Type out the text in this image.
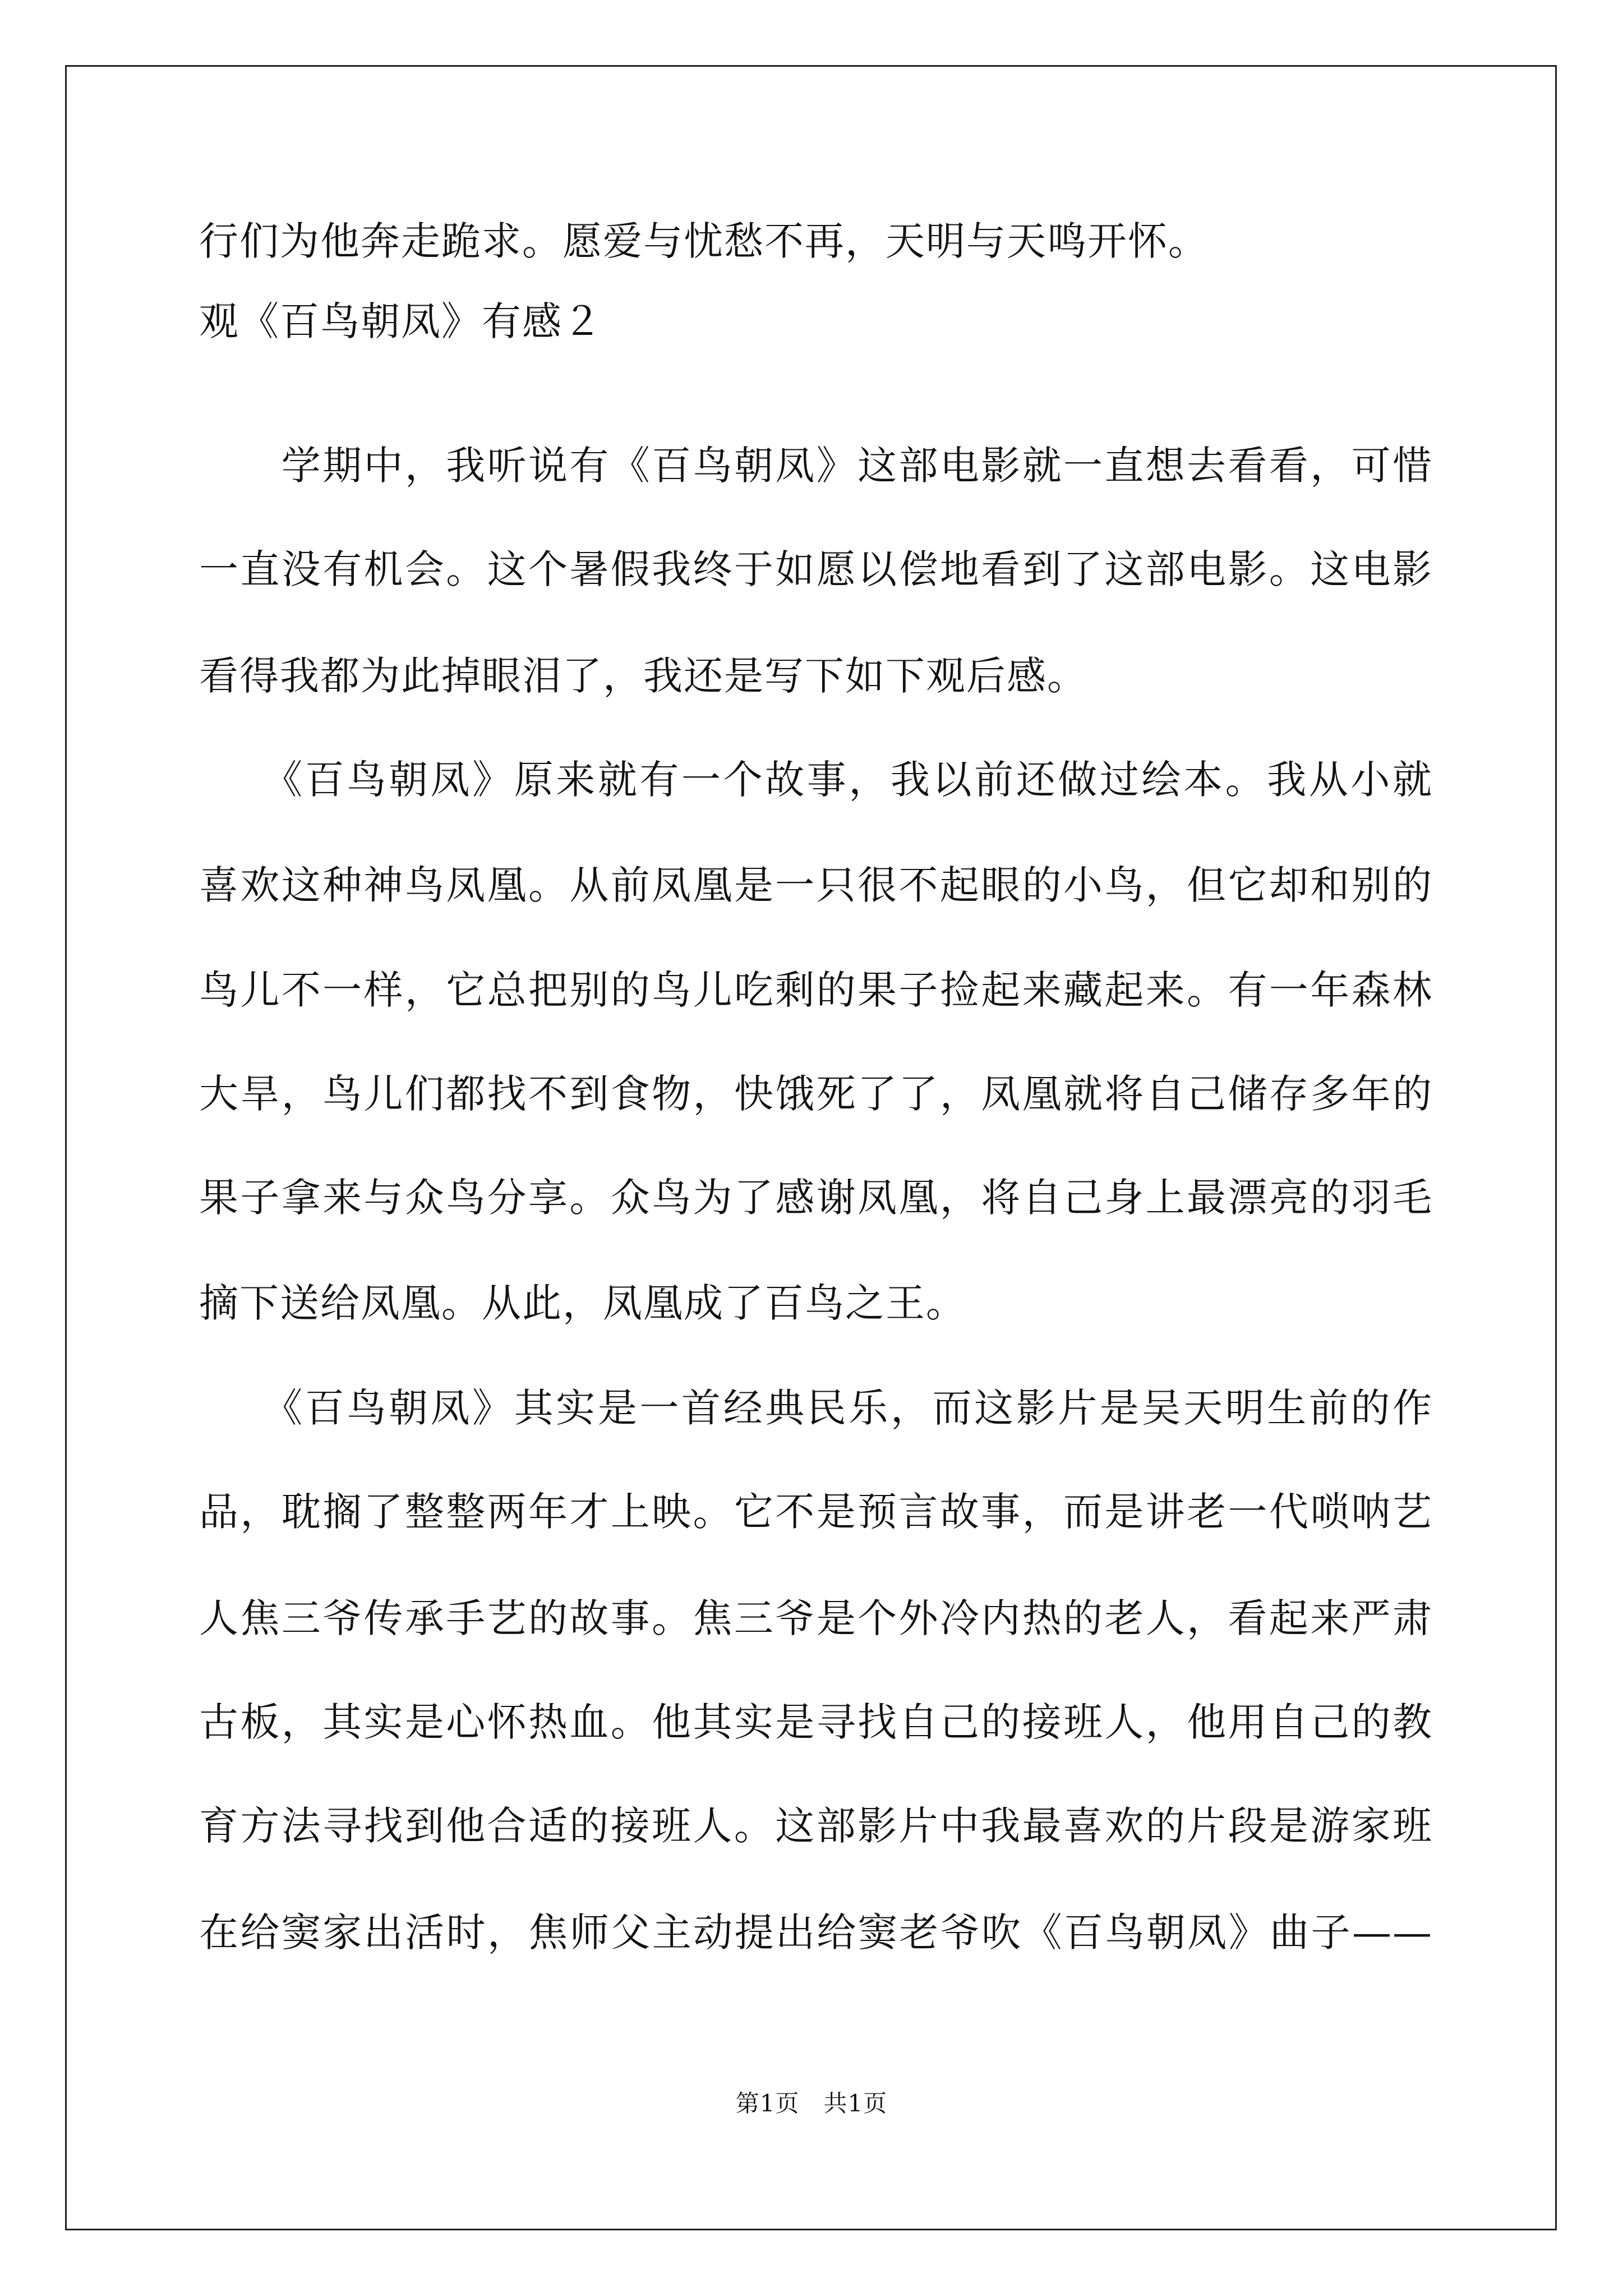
行们为他奔走跪求。愿爱与忧愁不再，天明与天鸣开怀。
观《百鸟朝凤》有感２
　　学期中，我听说有《百鸟朝凤》这部电影就一直想去看看，可惜
一直没有机会。这个暑假我终于如愿以偿地看到了这部电影。这电影
看得我都为此掉眼泪了，我还是写下如下观后感。
　　《百鸟朝凤》原来就有一个故事，我以前还做过绘本。我从小就
喜欢这种神鸟凤凰。从前凤凰是一只很不起眼的小鸟，但它却和别的
鸟儿不一样，它总把别的鸟儿吃剩的果子捡起来藏起来。有一年森林
大旱，鸟儿们都找不到食物，快饿死了了，凤凰就将自己储存多年的
果子拿来与众鸟分享。众鸟为了感谢凤凰，将自己身上最漂亮的羽毛
摘下送给凤凰。从此，凤凰成了百鸟之王。
　　《百鸟朝凤》其实是一首经典民乐，而这影片是吴天明生前的作
品，耽搁了整整两年才上映。它不是预言故事，而是讲老一代唢呐艺
人焦三爷传承手艺的故事。焦三爷是个外冷内热的老人，看起来严肃
古板，其实是心怀热血。他其实是寻找自己的接班人，他用自己的教
育方法寻找到他合适的接班人。这部影片中我最喜欢的片段是游家班
在给窦家出活时，焦师父主动提出给窦老爷吹《百鸟朝凤》曲子——
第1页　共1页
